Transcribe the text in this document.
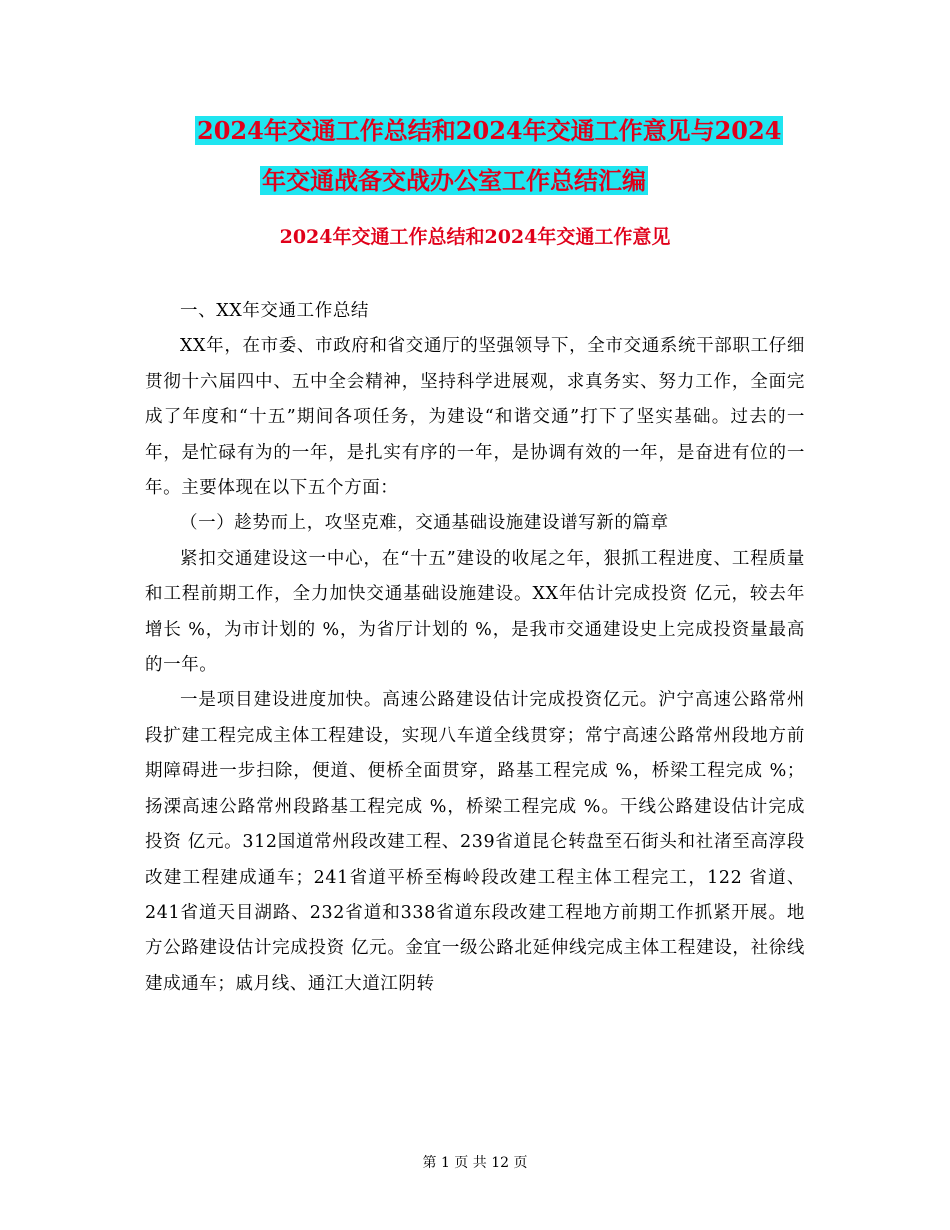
2024年交通工作总结和2024年交通工作意见与2024
年交通战备交战办公室工作总结汇编
2024年交通工作总结和2024年交通工作意见

一、XX年交通工作总结

XX年，在市委、市政府和省交通厅的坚强领导下，全市交通系统干部职工仔细贯彻十六届四中、五中全会精神，坚持科学进展观，求真务实、努力工作，全面完成了年度和“十五”期间各项任务，为建设“和谐交通”打下了坚实基础。过去的一年，是忙碌有为的一年，是扎实有序的一年，是协调有效的一年，是奋进有位的一年。主要体现在以下五个方面：

（一）趁势而上，攻坚克难，交通基础设施建设谱写新的篇章

紧扣交通建设这一中心，在“十五”建设的收尾之年，狠抓工程进度、工程质量和工程前期工作，全力加快交通基础设施建设。XX年估计完成投资 亿元，较去年增长 %，为市计划的 %，为省厅计划的 %，是我市交通建设史上完成投资量最高的一年。

一是项目建设进度加快。高速公路建设估计完成投资亿元。沪宁高速公路常州段扩建工程完成主体工程建设，实现八车道全线贯穿；常宁高速公路常州段地方前期障碍进一步扫除，便道、便桥全面贯穿，路基工程完成 %，桥梁工程完成 %；扬溧高速公路常州段路基工程完成 %，桥梁工程完成 %。干线公路建设估计完成投资 亿元。312国道常州段改建工程、239省道昆仑转盘至石街头和社渚至高淳段改建工程建成通车；241省道平桥至梅岭段改建工程主体工程完工，122 省道、241省道天目湖路、232省道和338省道东段改建工程地方前期工作抓紧开展。地方公路建设估计完成投资 亿元。金宜一级公路北延伸线完成主体工程建设，社徐线建成通车；戚月线、通江大道江阴转

第 1 页 共 12 页
